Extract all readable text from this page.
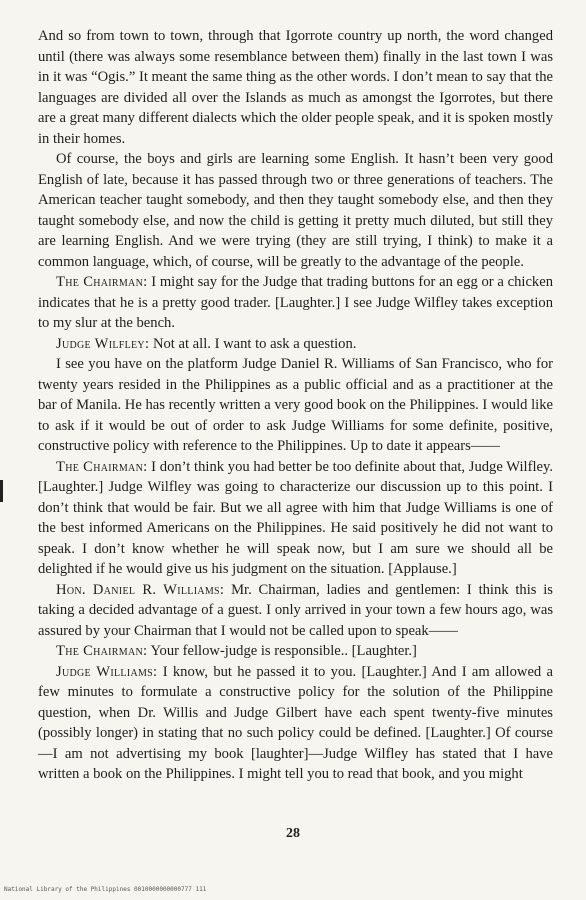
And so from town to town, through that Igorrote country up north, the word changed until (there was always some resemblance between them) finally in the last town I was in it was “Ogis.” It meant the same thing as the other words. I don’t mean to say that the languages are divided all over the Islands as much as amongst the Igorrotes, but there are a great many different dialects which the older people speak, and it is spoken mostly in their homes.

Of course, the boys and girls are learning some English. It hasn’t been very good English of late, because it has passed through two or three generations of teachers. The American teacher taught somebody, and then they taught somebody else, and then they taught somebody else, and now the child is getting it pretty much diluted, but still they are learning English. And we were trying (they are still trying, I think) to make it a common language, which, of course, will be greatly to the advantage of the people.

The Chairman: I might say for the Judge that trading buttons for an egg or a chicken indicates that he is a pretty good trader. [Laughter.] I see Judge Wilfley takes exception to my slur at the bench.

Judge Wilfley: Not at all. I want to ask a question.

I see you have on the platform Judge Daniel R. Williams of San Francisco, who for twenty years resided in the Philippines as a public official and as a practitioner at the bar of Manila. He has recently written a very good book on the Philippines. I would like to ask if it would be out of order to ask Judge Williams for some definite, positive, constructive policy with reference to the Philippines. Up to date it appears——

The Chairman: I don’t think you had better be too definite about that, Judge Wilfley. [Laughter.] Judge Wilfley was going to characterize our discussion up to this point. I don’t think that would be fair. But we all agree with him that Judge Williams is one of the best informed Americans on the Philippines. He said positively he did not want to speak. I don’t know whether he will speak now, but I am sure we should all be delighted if he would give us his judgment on the situation. [Applause.]

Hon. Daniel R. Williams: Mr. Chairman, ladies and gentlemen: I think this is taking a decided advantage of a guest. I only arrived in your town a few hours ago, was assured by your Chairman that I would not be called upon to speak——

The Chairman: Your fellow-judge is responsible.. [Laughter.]

Judge Williams: I know, but he passed it to you. [Laughter.] And I am allowed a few minutes to formulate a constructive policy for the solution of the Philippine question, when Dr. Willis and Judge Gilbert have each spent twenty-five minutes (possibly longer) in stating that no such policy could be defined. [Laughter.] Of course—I am not advertising my book [laughter]—Judge Wilfley has stated that I have written a book on the Philippines. I might tell you to read that book, and you might

28
National Library of the Philippines 0010000000000777 111
